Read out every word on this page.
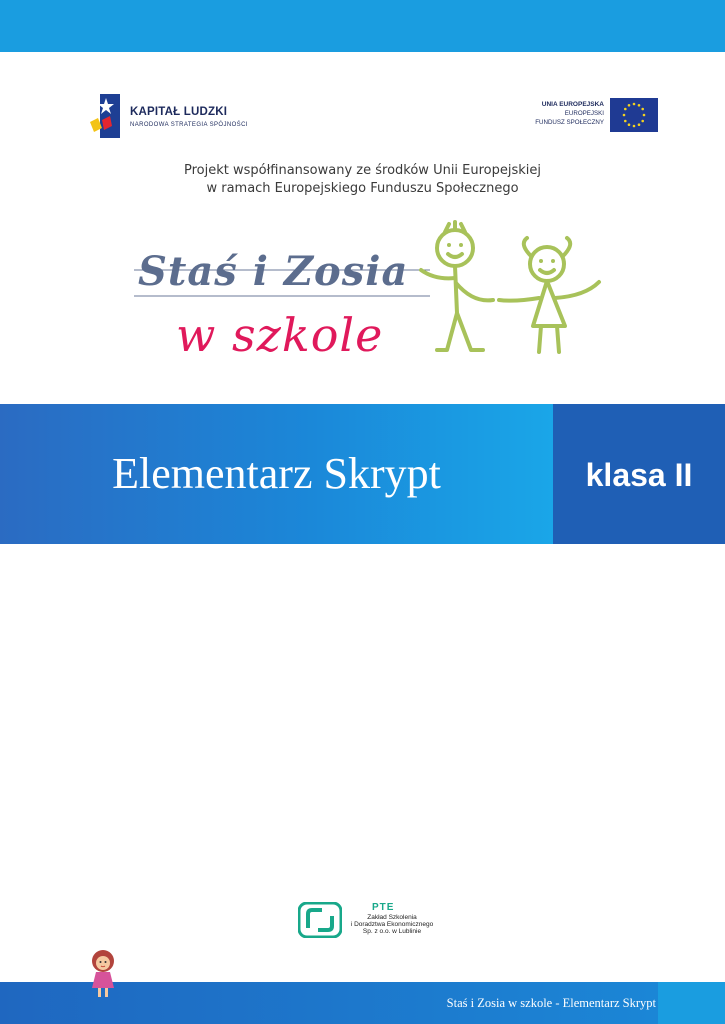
KAPITAŁ LUDZKI
NARODOWA STRATEGIA SPÓJNOŚCI
UNIA EUROPEJSKA
EUROPEJSKI
FUNDUSZ SPOŁECZNY
Projekt współfinansowany ze środków Unii Europejskiej
w ramach Europejskiego Funduszu Społecznego
Staś i Zosia
w szkole
Elementarz Skrypt	klasa II
PTE
Zakład Szkolenia
i Doradztwa Ekonomicznego
Sp. z o.o. w Lublinie
Staś i Zosia w szkole - Elementarz Skrypt
